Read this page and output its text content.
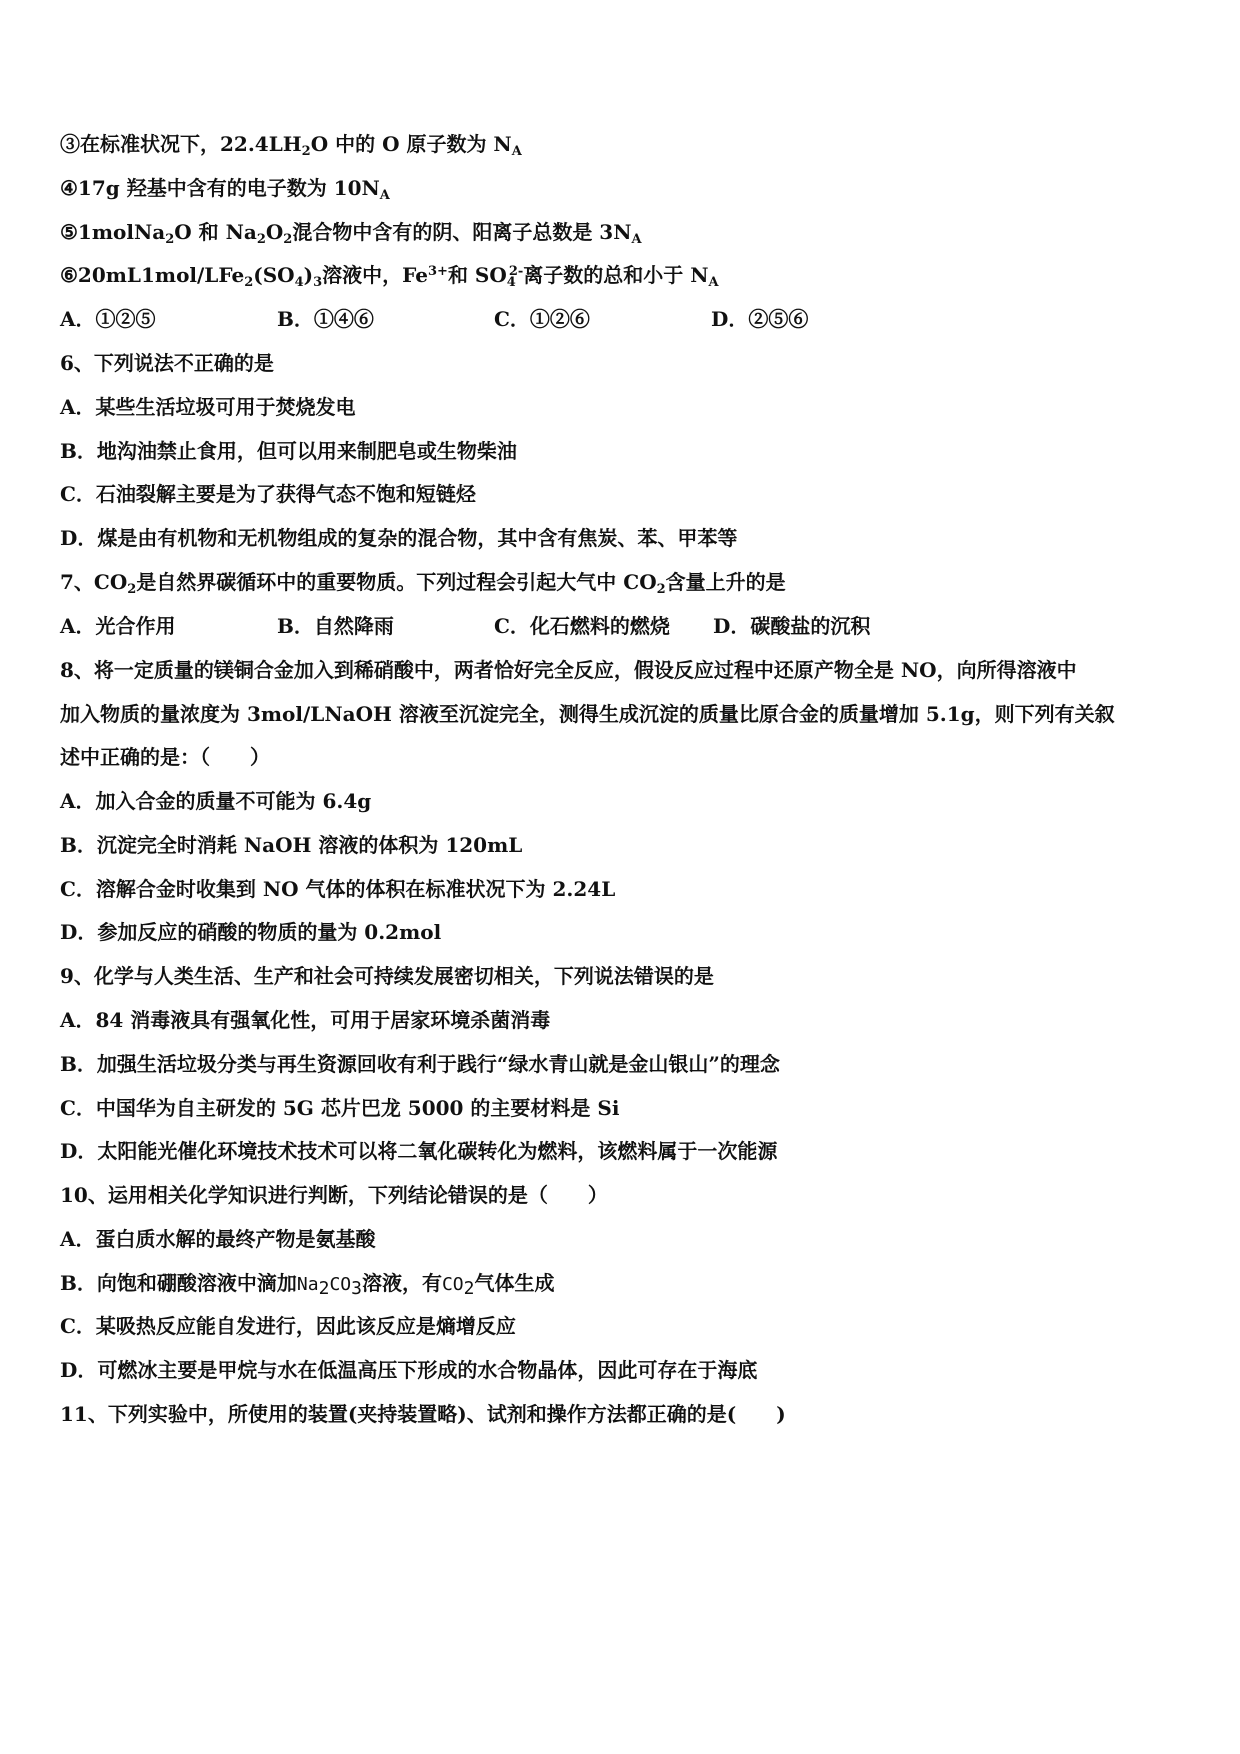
③在标准状况下，$22.4LH_2O$ 中的 O 原子数为 $N_A$
④17g 羟基中含有的电子数为 $10N_A$
⑤1molNa$_2$O 和 $Na_2O_2$混合物中含有的阴、阳离子总数是 $3N_A$
$⑥20mL1mol/LFe_2(SO_4)_3$溶液中，$Fe^{3+}$和 $SO_4^{2-}$离子数的总和小于 $N_A$
A．①②⑤	B．①④⑥	C．①②⑥	D．②⑤⑥
6、下列说法不正确的是
A．某些生活垃圾可用于焚烧发电
B．地沟油禁止食用，但可以用来制肥皂或生物柴油
C．石油裂解主要是为了获得气态不饱和短链烃
D．煤是由有机物和无机物组成的复杂的混合物，其中含有焦炭、苯、甲苯等
7、$CO_2$是自然界碳循环中的重要物质。下列过程会引起大气中 $CO_2$含量上升的是
A．光合作用	B．自然降雨	C．化石燃料的燃烧 D．碳酸盐的沉积
8、将一定质量的镁铜合金加入到稀硝酸中，两者恰好完全反应，假设反应过程中还原产物全是 NO，向所得溶液中
加入物质的量浓度为 3mol/LNaOH 溶液至沉淀完全，测得生成沉淀的质量比原合金的质量增加 5.1g，则下列有关叙
述中正确的是：（　　）
A．加入合金的质量不可能为 6.4g
B．沉淀完全时消耗 NaOH 溶液的体积为 120mL
C．溶解合金时收集到 NO 气体的体积在标准状况下为 2.24L
D．参加反应的硝酸的物质的量为 0.2mol
9、化学与人类生活、生产和社会可持续发展密切相关，下列说法错误的是
A．84 消毒液具有强氧化性，可用于居家环境杀菌消毒
B．加强生活垃圾分类与再生资源回收有利于践行“绿水青山就是金山银山”的理念
C．中国华为自主研发的 5G 芯片巴龙 5000 的主要材料是 Si
D．太阳能光催化环境技术技术可以将二氧化碳转化为燃料，该燃料属于一次能源
10、运用相关化学知识进行判断，下列结论错误的是（　　）
A．蛋白质水解的最终产物是氨基酸
B．向饱和硼酸溶液中滴加$Na_2CO_3$溶液，有$CO_2$气体生成
C．某吸热反应能自发进行，因此该反应是熵增反应
D．可燃冰主要是甲烷与水在低温高压下形成的水合物晶体，因此可存在于海底
11、下列实验中，所使用的装置(夹持装置略)、试剂和操作方法都正确的是(　　)
